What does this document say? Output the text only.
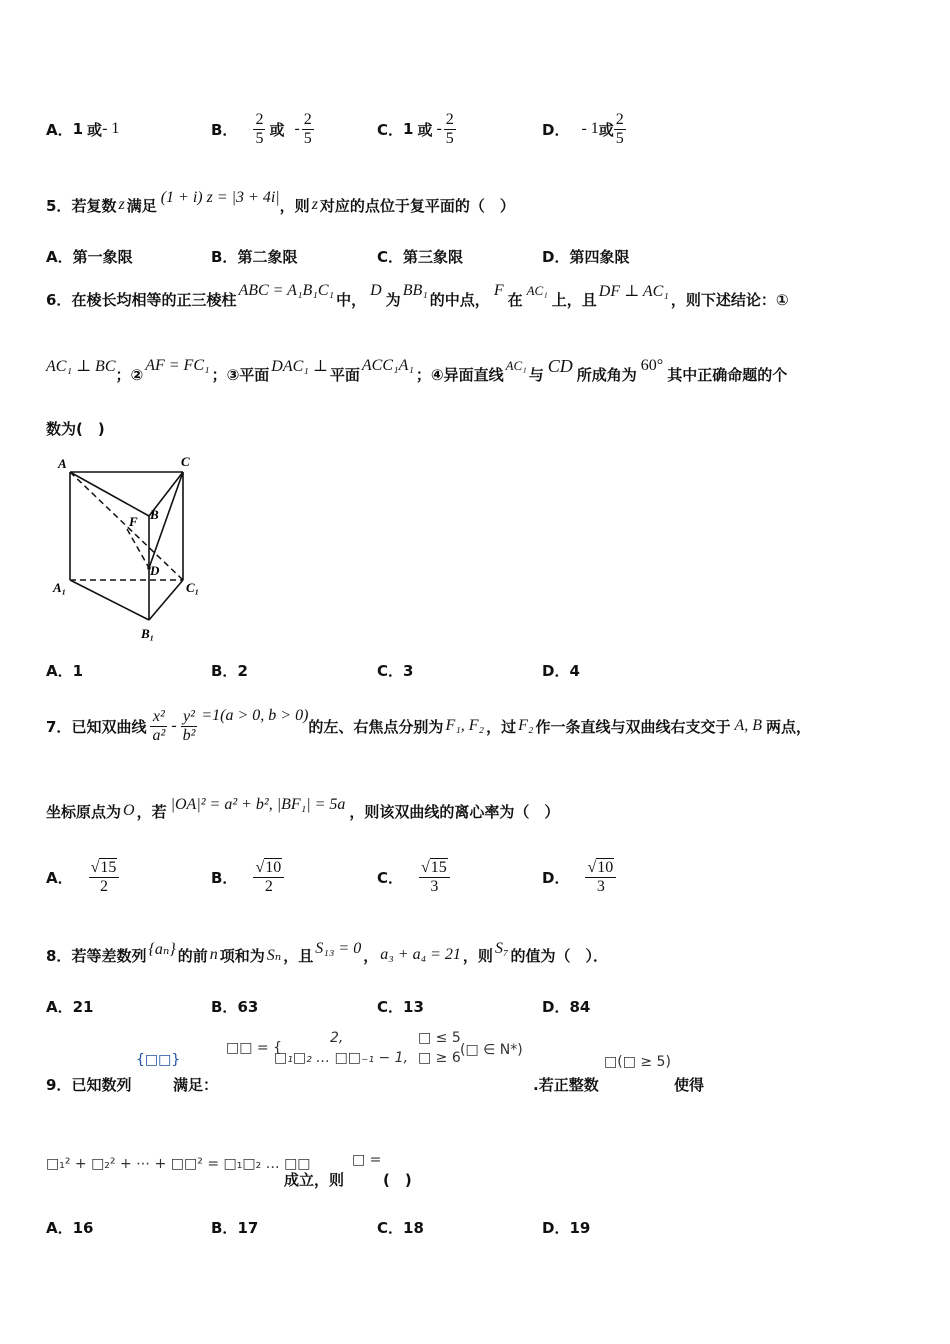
A． 1 或 - 1	B． $\frac{2}{5}$ 或 - $\frac{2}{5}$	C． 1 或 - $\frac{2}{5}$	D． - 1 或 $\frac{2}{5}$
5． 若复数 z 满足 (1 + i) z = |3 + 4i| ，则 z 对应的点位于复平面的（　）
A．第一象限	B．第二象限	C．第三象限	D．第四象限
6． 在棱长均相等的正三棱柱 ABC = A₁B₁C₁ 中， D 为 BB₁ 的中点， F 在 AC₁ 上，且 DF ⊥ AC₁ ，则下述结论：①
AC₁ ⊥ BC ；② AF = FC₁ ；③平面 DAC₁ ⊥ 平面 ACC₁A₁ ；④异面直线 AC₁ 与 CD 所成角为 60° 其中正确命题的个
数为(　)
A	C
B
F
D
A₁	C₁
B₁
A．1	B．2	C．3	D．4
7． 已知双曲线 $\frac{\text{x²}}{\text{a²}} - \frac{\text{y²}}{\text{b²}} =1(a > 0$, b > 0)
的左、右焦点分别为 F₁, F₂ ，过 F₂ 作一条直线与双曲线右支交于 A, B 两点，
坐标原点为 O ，若 |OA|² = a² + b², |BF₁| = 5a ，则该双曲线的离心率为（　）
A． $\frac{√15}{2}$	B． $\frac{√10}{2}$	C． $\frac{√15}{3}$	D． $\frac{√10}{3}$
8． 若等差数列 {aₙ} 的前 n 项和为 Sₙ ，且 S₁₃ = 0 ， a₃ + a₄ = 21 ，则 S₇ 的值为（　）．
A．21	B．63	C．13	D．84
9．已知数列
{□□}
满足：
□□ = {
2,	□ ≤ 5
□₁□₂ … □□₋₁ − 1, □ ≥ 6 (□ ∈ N*)
.若正整数
□(□ ≥ 5)
使得
□₁² + □₂² + ⋯ + □□² = □₁□₂ … □□
成立，则
□ =
(　)
A．16	B．17	C．18	D．19
